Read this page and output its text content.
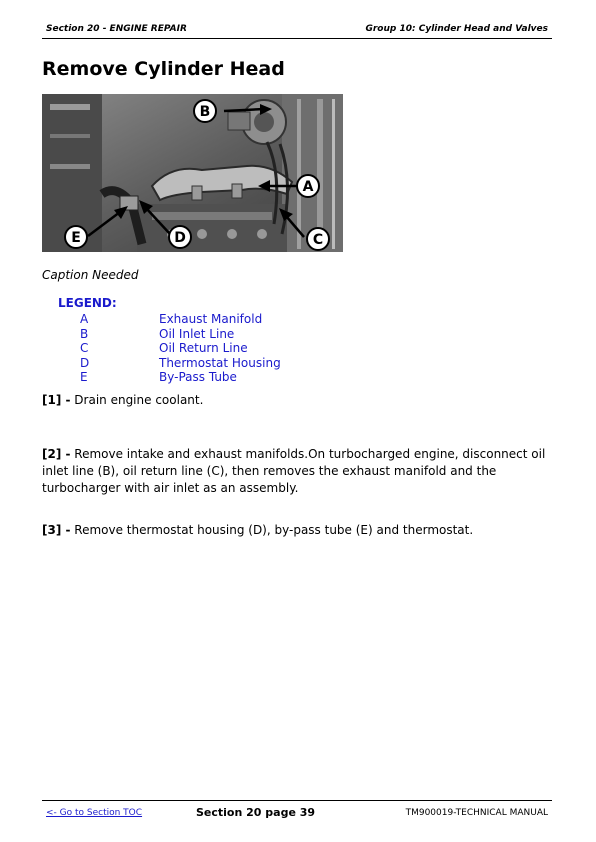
Section 20 - ENGINE REPAIR	Group 10: Cylinder Head and Valves
Remove Cylinder Head
B
A
C
D
E
Caption Needed
LEGEND:
A	Exhaust Manifold
B	Oil Inlet Line
C	Oil Return Line
D	Thermostat Housing
E	By-Pass Tube

[1] - Drain engine coolant.

[2] - Remove intake and exhaust manifolds.On turbocharged engine, disconnect oil inlet line (B), oil return line (C), then removes the exhaust manifold and the turbocharger with air inlet as an assembly.

[3] - Remove thermostat housing (D), by-pass tube (E) and thermostat.

<- Go to Section TOC	Section 20 page 39	TM900019-TECHNICAL MANUAL
